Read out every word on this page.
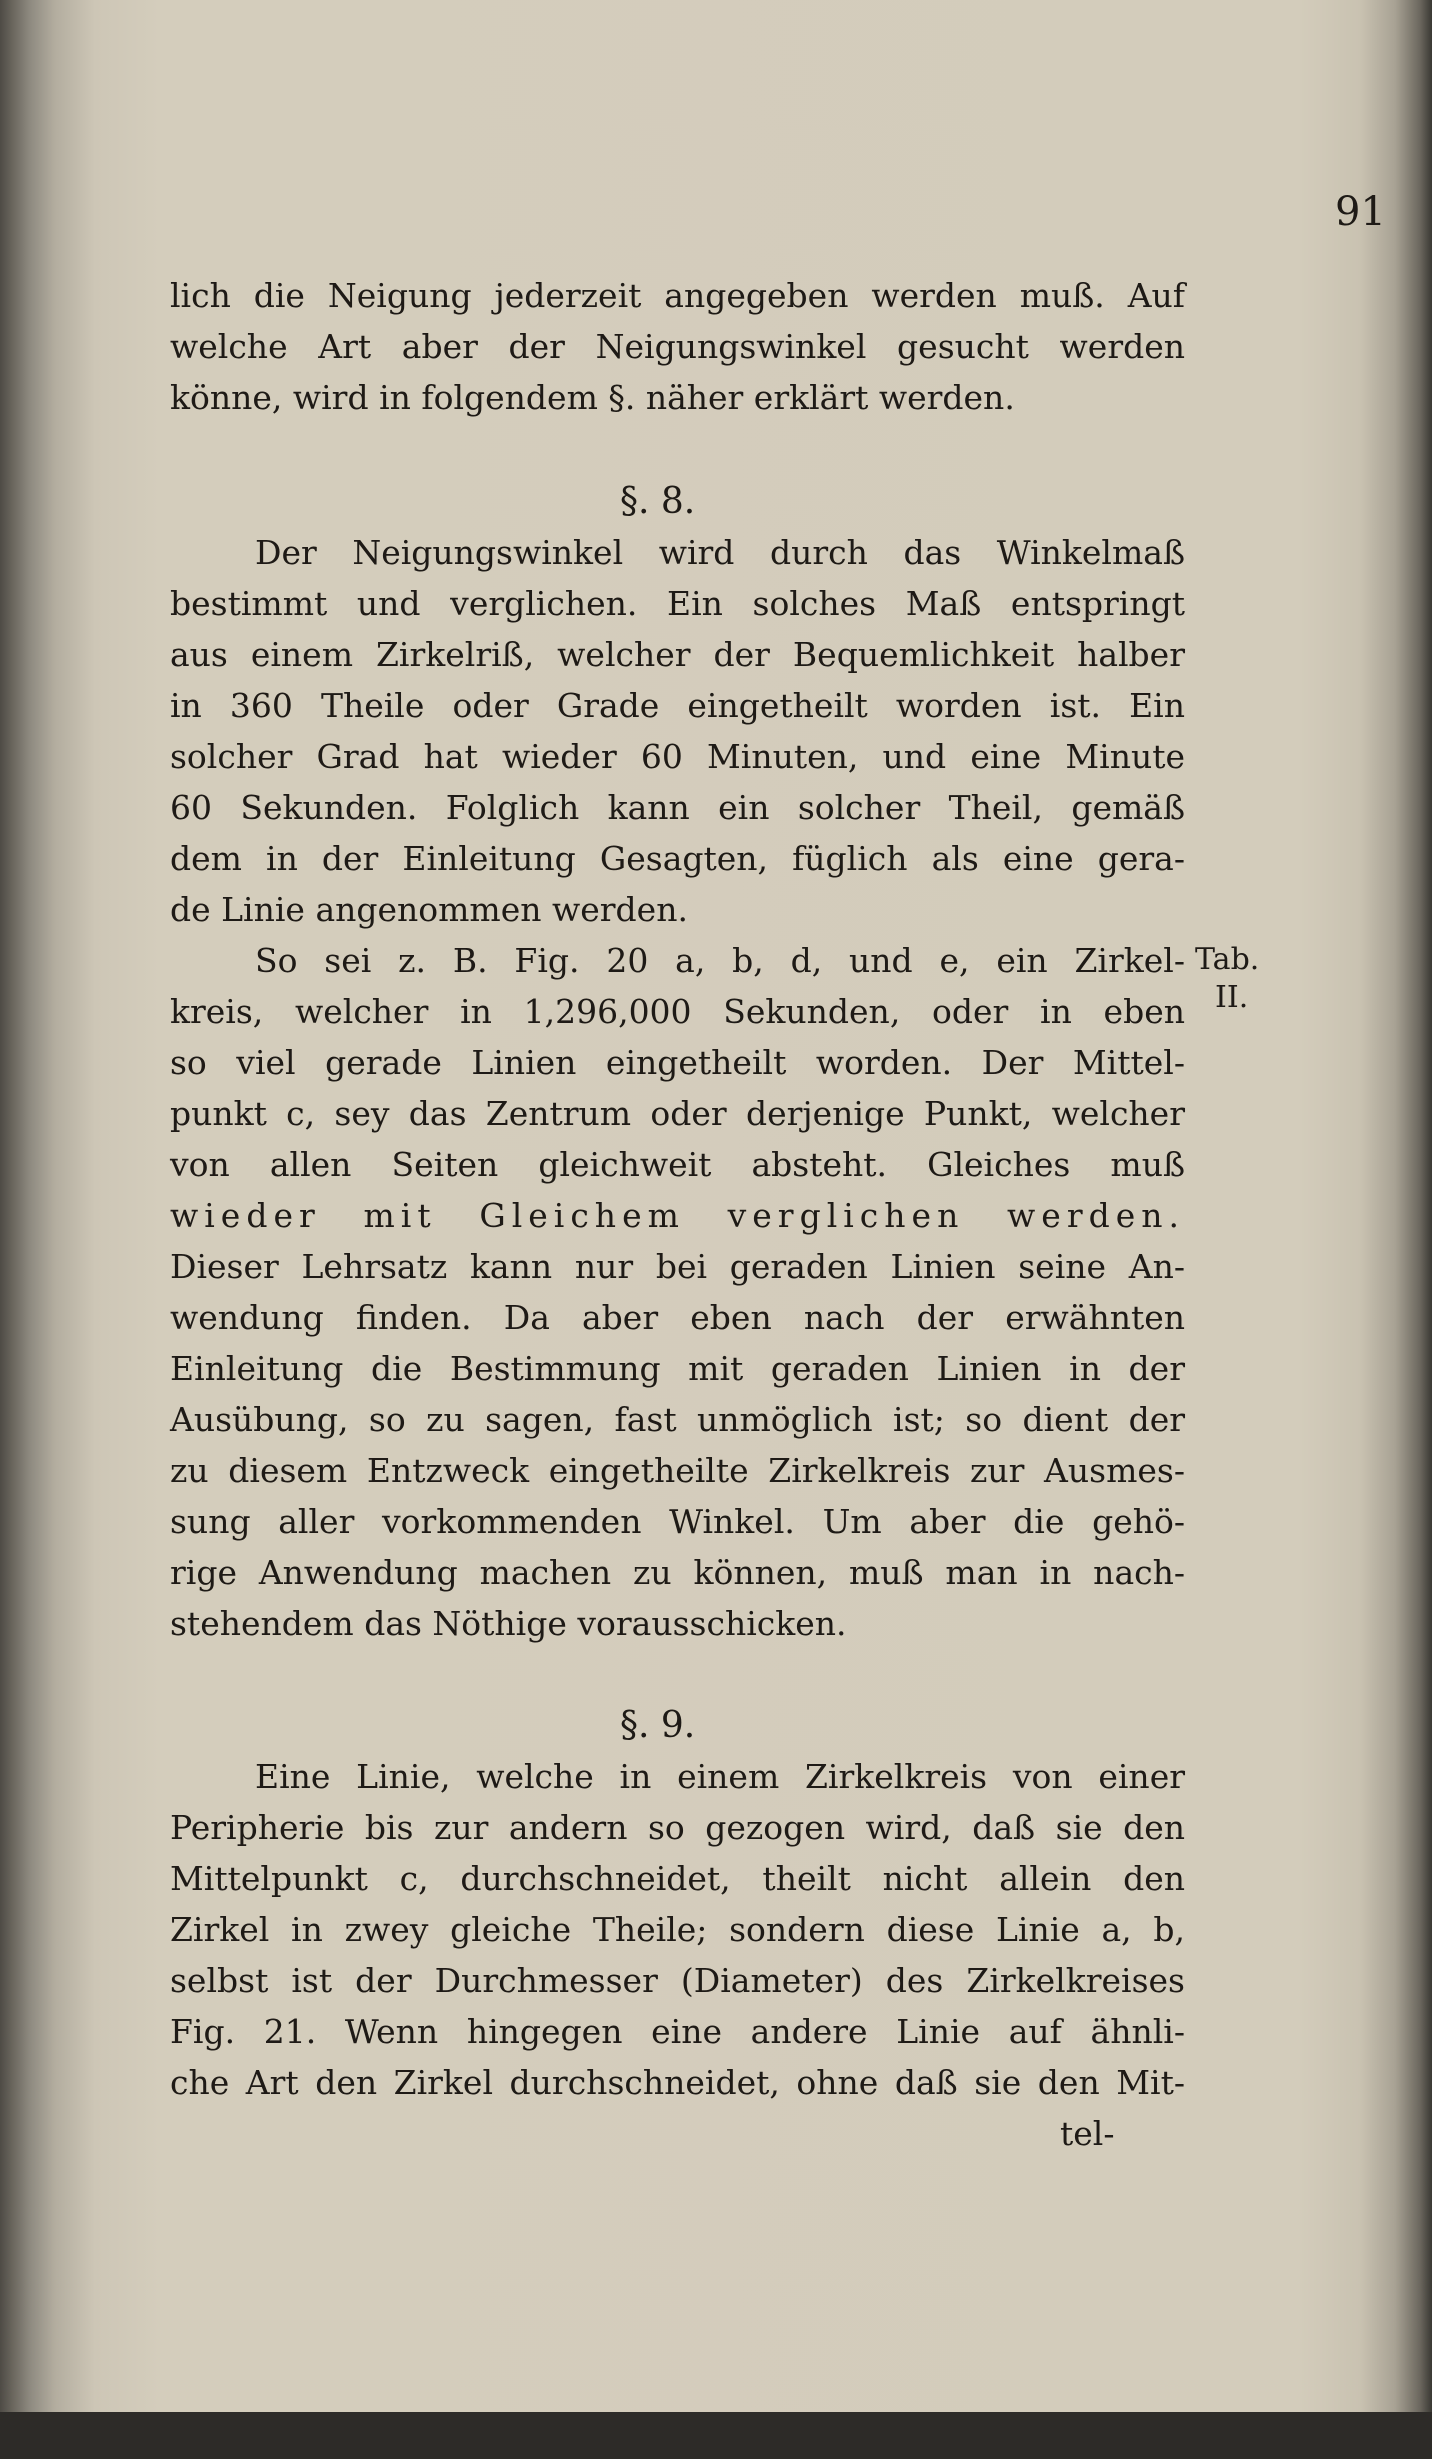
91
lich die Neigung jederzeit angegeben werden muß. Auf
welche Art aber der Neigungswinkel gesucht werden
könne, wird in folgendem §. näher erklärt werden.
§. 8.
Der Neigungswinkel wird durch das Winkelmaß
bestimmt und verglichen. Ein solches Maß entspringt
aus einem Zirkelriß, welcher der Bequemlichkeit halber
in 360 Theile oder Grade eingetheilt worden ist. Ein
solcher Grad hat wieder 60 Minuten, und eine Minute
60 Sekunden. Folglich kann ein solcher Theil, gemäß
dem in der Einleitung Gesagten, füglich als eine gera-
de Linie angenommen werden.
So sei z. B. Fig. 20 a, b, d, und e, ein Zirkel-
kreis, welcher in 1,296,000 Sekunden, oder in eben
so viel gerade Linien eingetheilt worden. Der Mittel-
punkt c, sey das Zentrum oder derjenige Punkt, welcher
von allen Seiten gleichweit absteht. Gleiches muß
wieder mit Gleichem verglichen werden.
Dieser Lehrsatz kann nur bei geraden Linien seine An-
wendung finden. Da aber eben nach der erwähnten
Einleitung die Bestimmung mit geraden Linien in der
Ausübung, so zu sagen, fast unmöglich ist; so dient der
zu diesem Entzweck eingetheilte Zirkelkreis zur Ausmes-
sung aller vorkommenden Winkel. Um aber die gehö-
rige Anwendung machen zu können, muß man in nach-
stehendem das Nöthige vorausschicken.
§. 9.
Eine Linie, welche in einem Zirkelkreis von einer
Peripherie bis zur andern so gezogen wird, daß sie den
Mittelpunkt c, durchschneidet, theilt nicht allein den
Zirkel in zwey gleiche Theile; sondern diese Linie a, b,
selbst ist der Durchmesser (Diameter) des Zirkelkreises
Fig. 21. Wenn hingegen eine andere Linie auf ähnli-
che Art den Zirkel durchschneidet, ohne daß sie den Mit-
tel-
Tab.
II.
